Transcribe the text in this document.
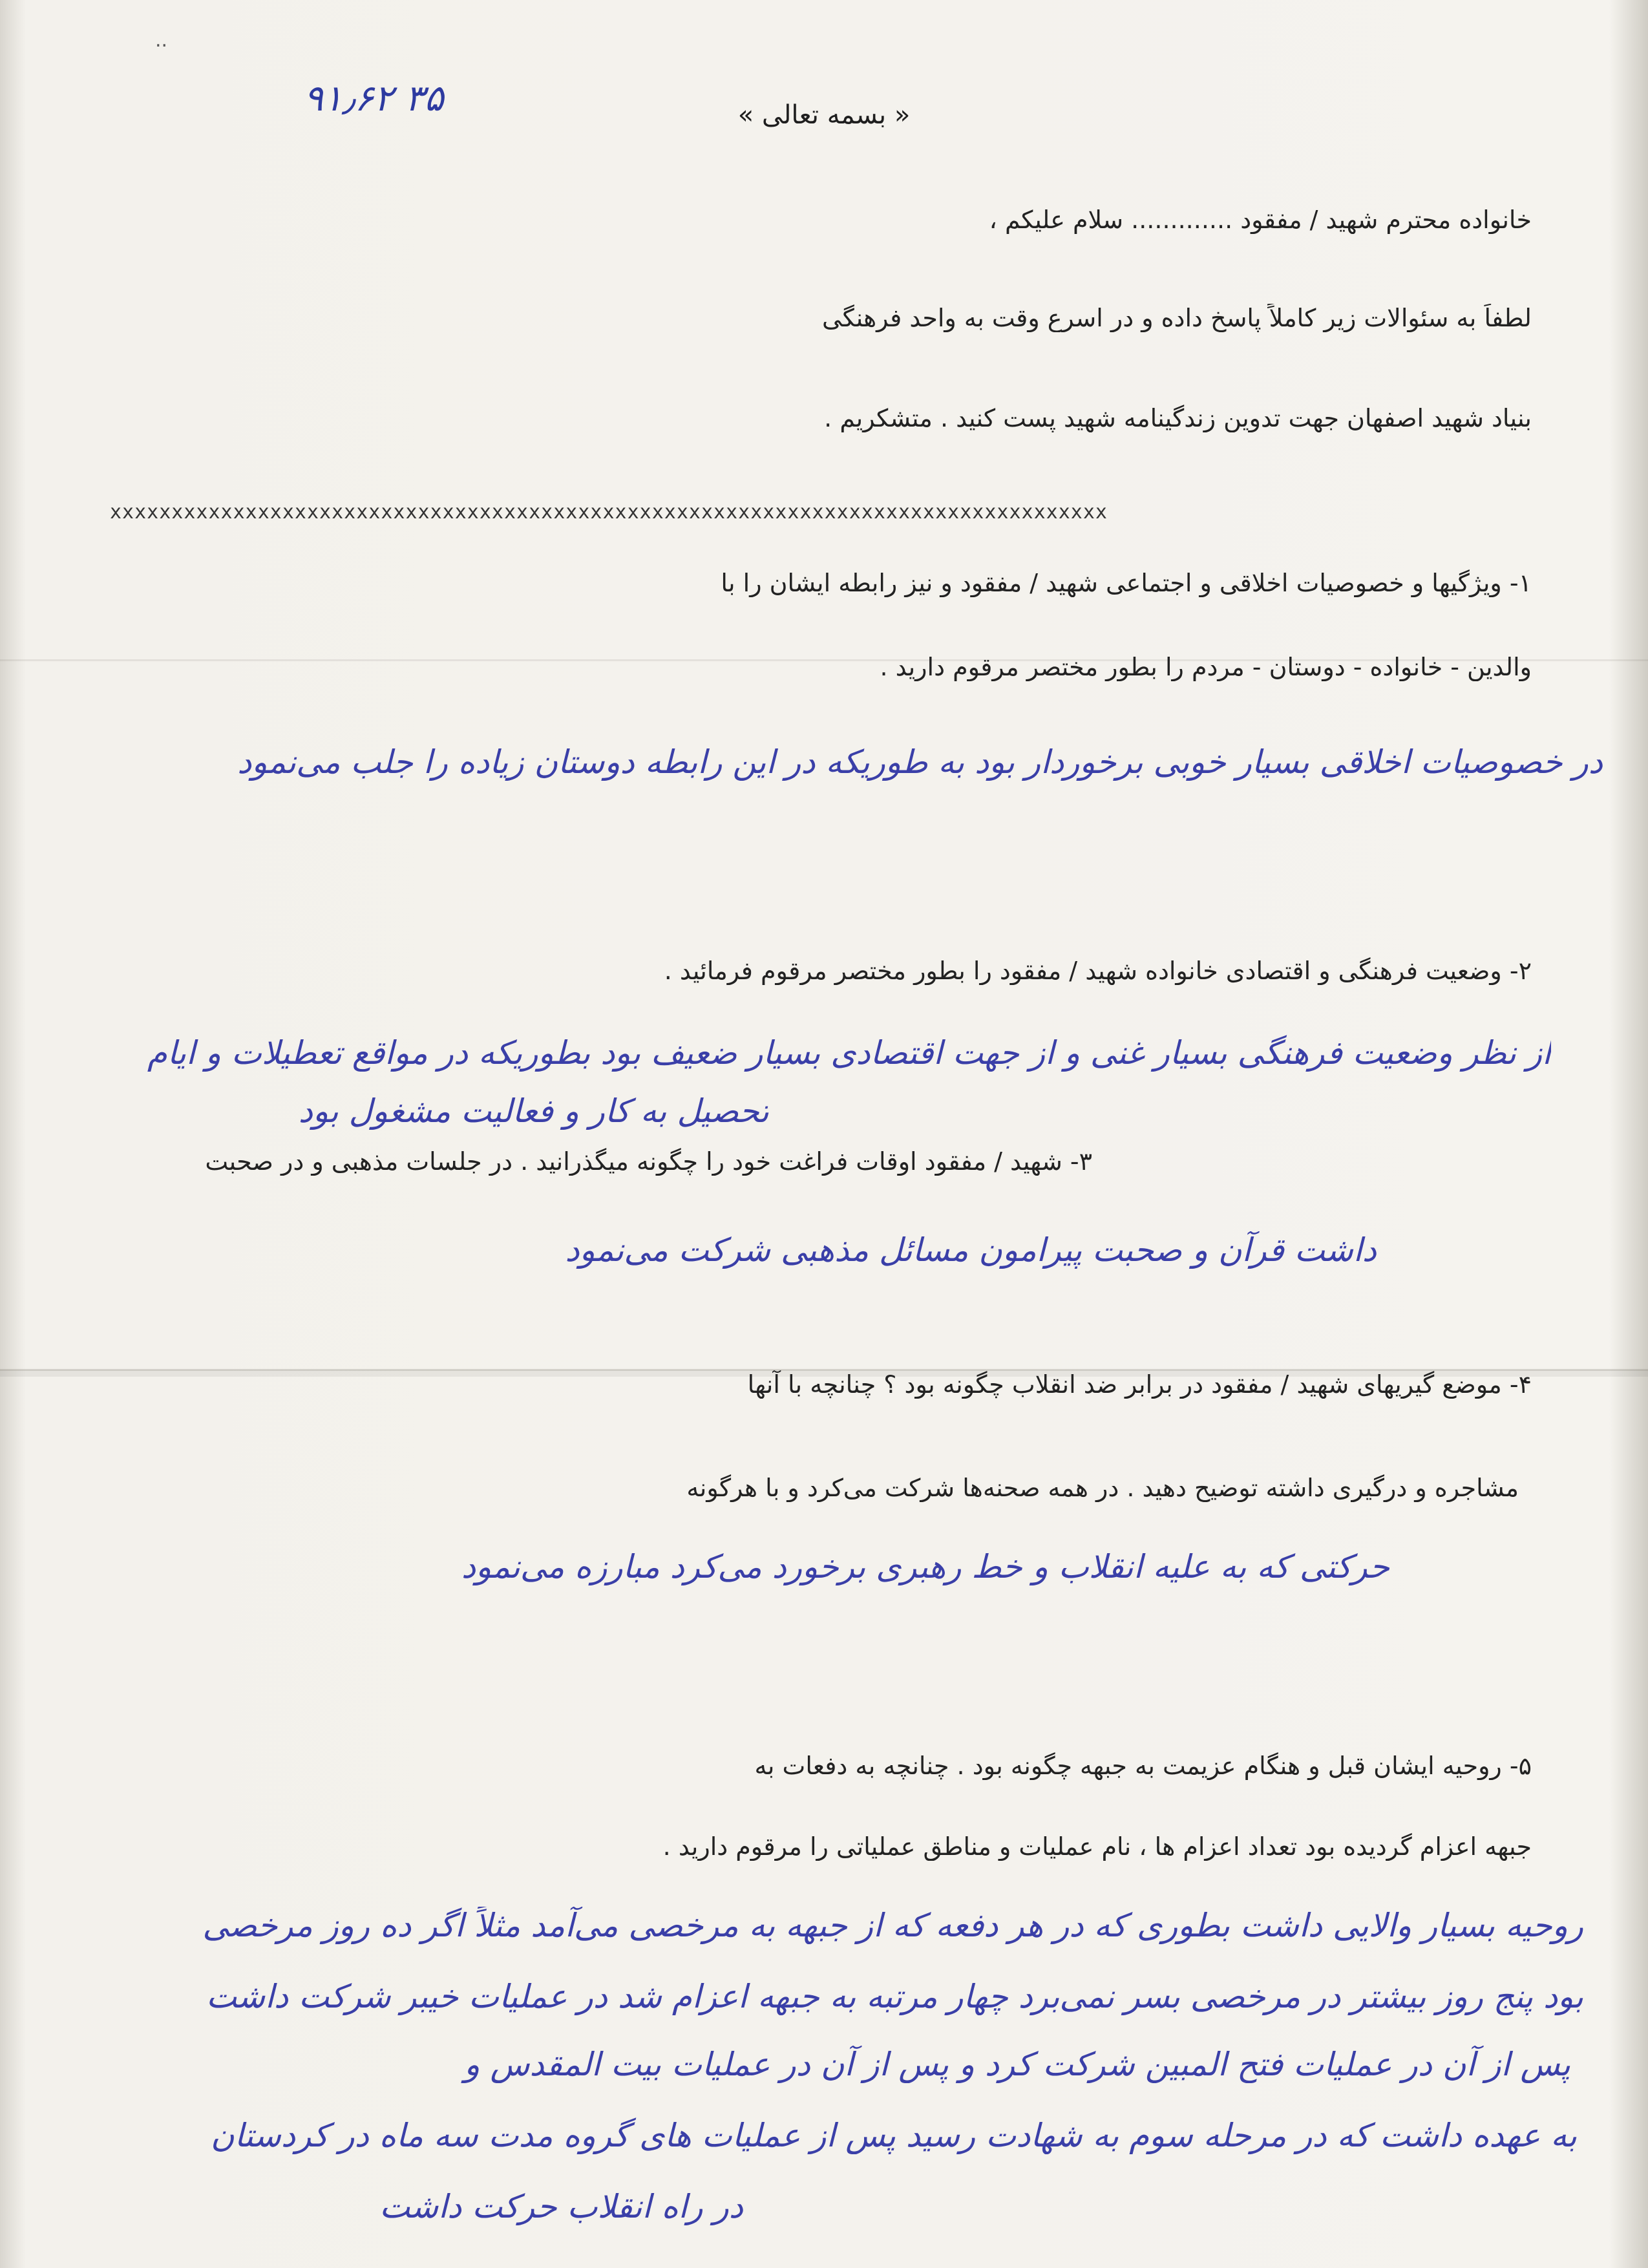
..
۹۱٫۶۲ ۳۵	« بسمه تعالی »
خانواده محترم شهید / مفقود ............. سلام علیکم ،
لطفاً به سئوالات زیر کاملاً پاسخ داده و در اسرع وقت به واحد فرهنگی
بنیاد شهید اصفهان جهت تدوین زندگینامه شهید پست کنید . متشکریم .
xxxxxxxxxxxxxxxxxxxxxxxxxxxxxxxxxxxxxxxxxxxxxxxxxxxxxxxxxxxxxxxxxxxxxxxxxxxxxxxxx
۱- ویژگیها و خصوصیات اخلاقی و اجتماعی شهید / مفقود و نیز رابطه ایشان را با
والدین - خانواده - دوستان - مردم را بطور مختصر مرقوم دارید .
در خصوصیات اخلاقی بسیار خوبی برخوردار بود به طوریکه در این رابطه دوستان زیاده را جلب می‌نمود
۲- وضعیت فرهنگی و اقتصادی خانواده شهید / مفقود را بطور مختصر مرقوم فرمائید .
از نظر وضعیت فرهنگی بسیار غنی و از جهت اقتصادی بسیار ضعیف بود بطوریکه در مواقع تعطیلات و ایام
تحصیل به کار و فعالیت مشغول بود
۳- شهید / مفقود اوقات فراغت خود را چگونه میگذرانید . در جلسات مذهبی و در صحبت
داشت قرآن و صحبت پیرامون مسائل مذهبی شرکت می‌نمود
۴- موضع گیریهای شهید / مفقود در برابر ضد انقلاب چگونه بود ؟ چنانچه با آنها
مشاجره و درگیری داشته توضیح دهید . در همه صحنه‌ها شرکت می‌کرد و با هرگونه
حرکتی که به علیه انقلاب و خط رهبری برخورد می‌کرد مبارزه می‌نمود
۵- روحیه ایشان قبل و هنگام عزیمت به جبهه چگونه بود . چنانچه به دفعات به
جبهه اعزام گردیده بود تعداد اعزام ها ، نام عملیات و مناطق عملیاتی را مرقوم دارید .
روحیه بسیار والایی داشت بطوری که در هر دفعه که از جبهه به مرخصی می‌آمد مثلاً اگر ده روز مرخصی
بود پنج روز بیشتر در مرخصی بسر نمی‌برد چهار مرتبه به جبهه اعزام شد در عملیات خیبر شرکت داشت
پس از آن در عملیات فتح المبین شرکت کرد و پس از آن در عملیات بیت المقدس و
به عهده داشت که در مرحله سوم به شهادت رسید پس از عملیات های گروه مدت سه ماه در کردستان
در راه انقلاب حرکت داشت
